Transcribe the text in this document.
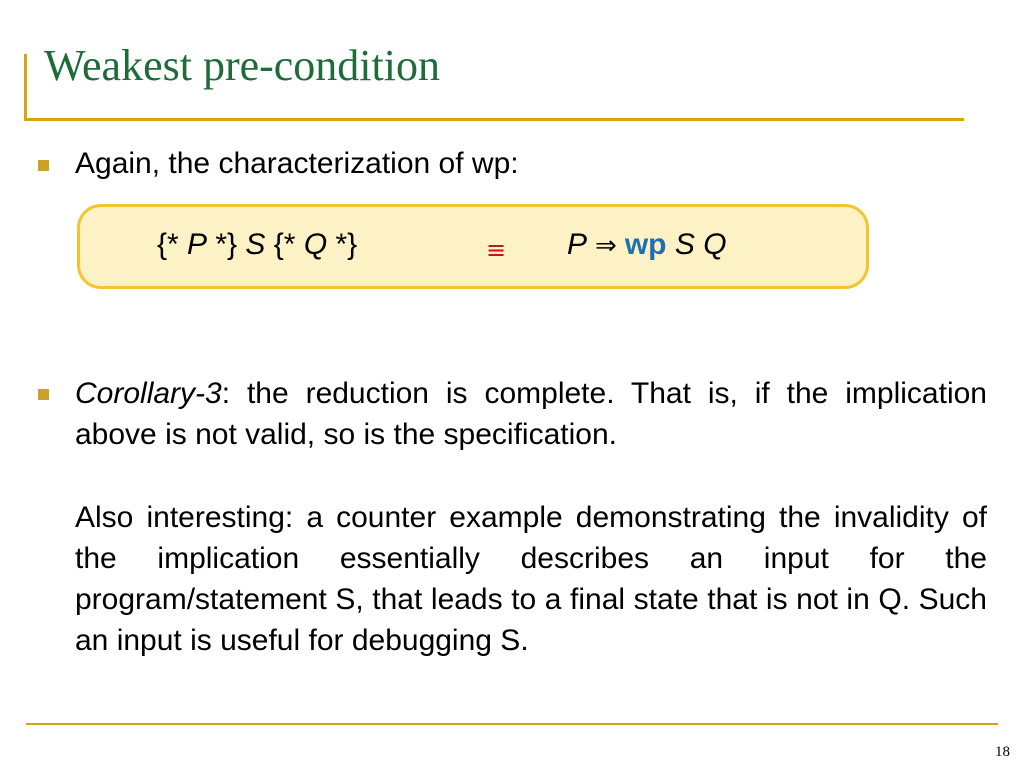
Weakest pre-condition
Again, the characterization of wp:
{* P *} S {* Q *}	≡ P ⇒ wp S Q
Corollary-3: the reduction is complete. That is, if the implication above is not valid, so is the specification.
Also interesting: a counter example demonstrating the invalidity of the implication essentially describes an input for the program/statement S, that leads to a final state that is not in Q. Such an input is useful for debugging S.
18
